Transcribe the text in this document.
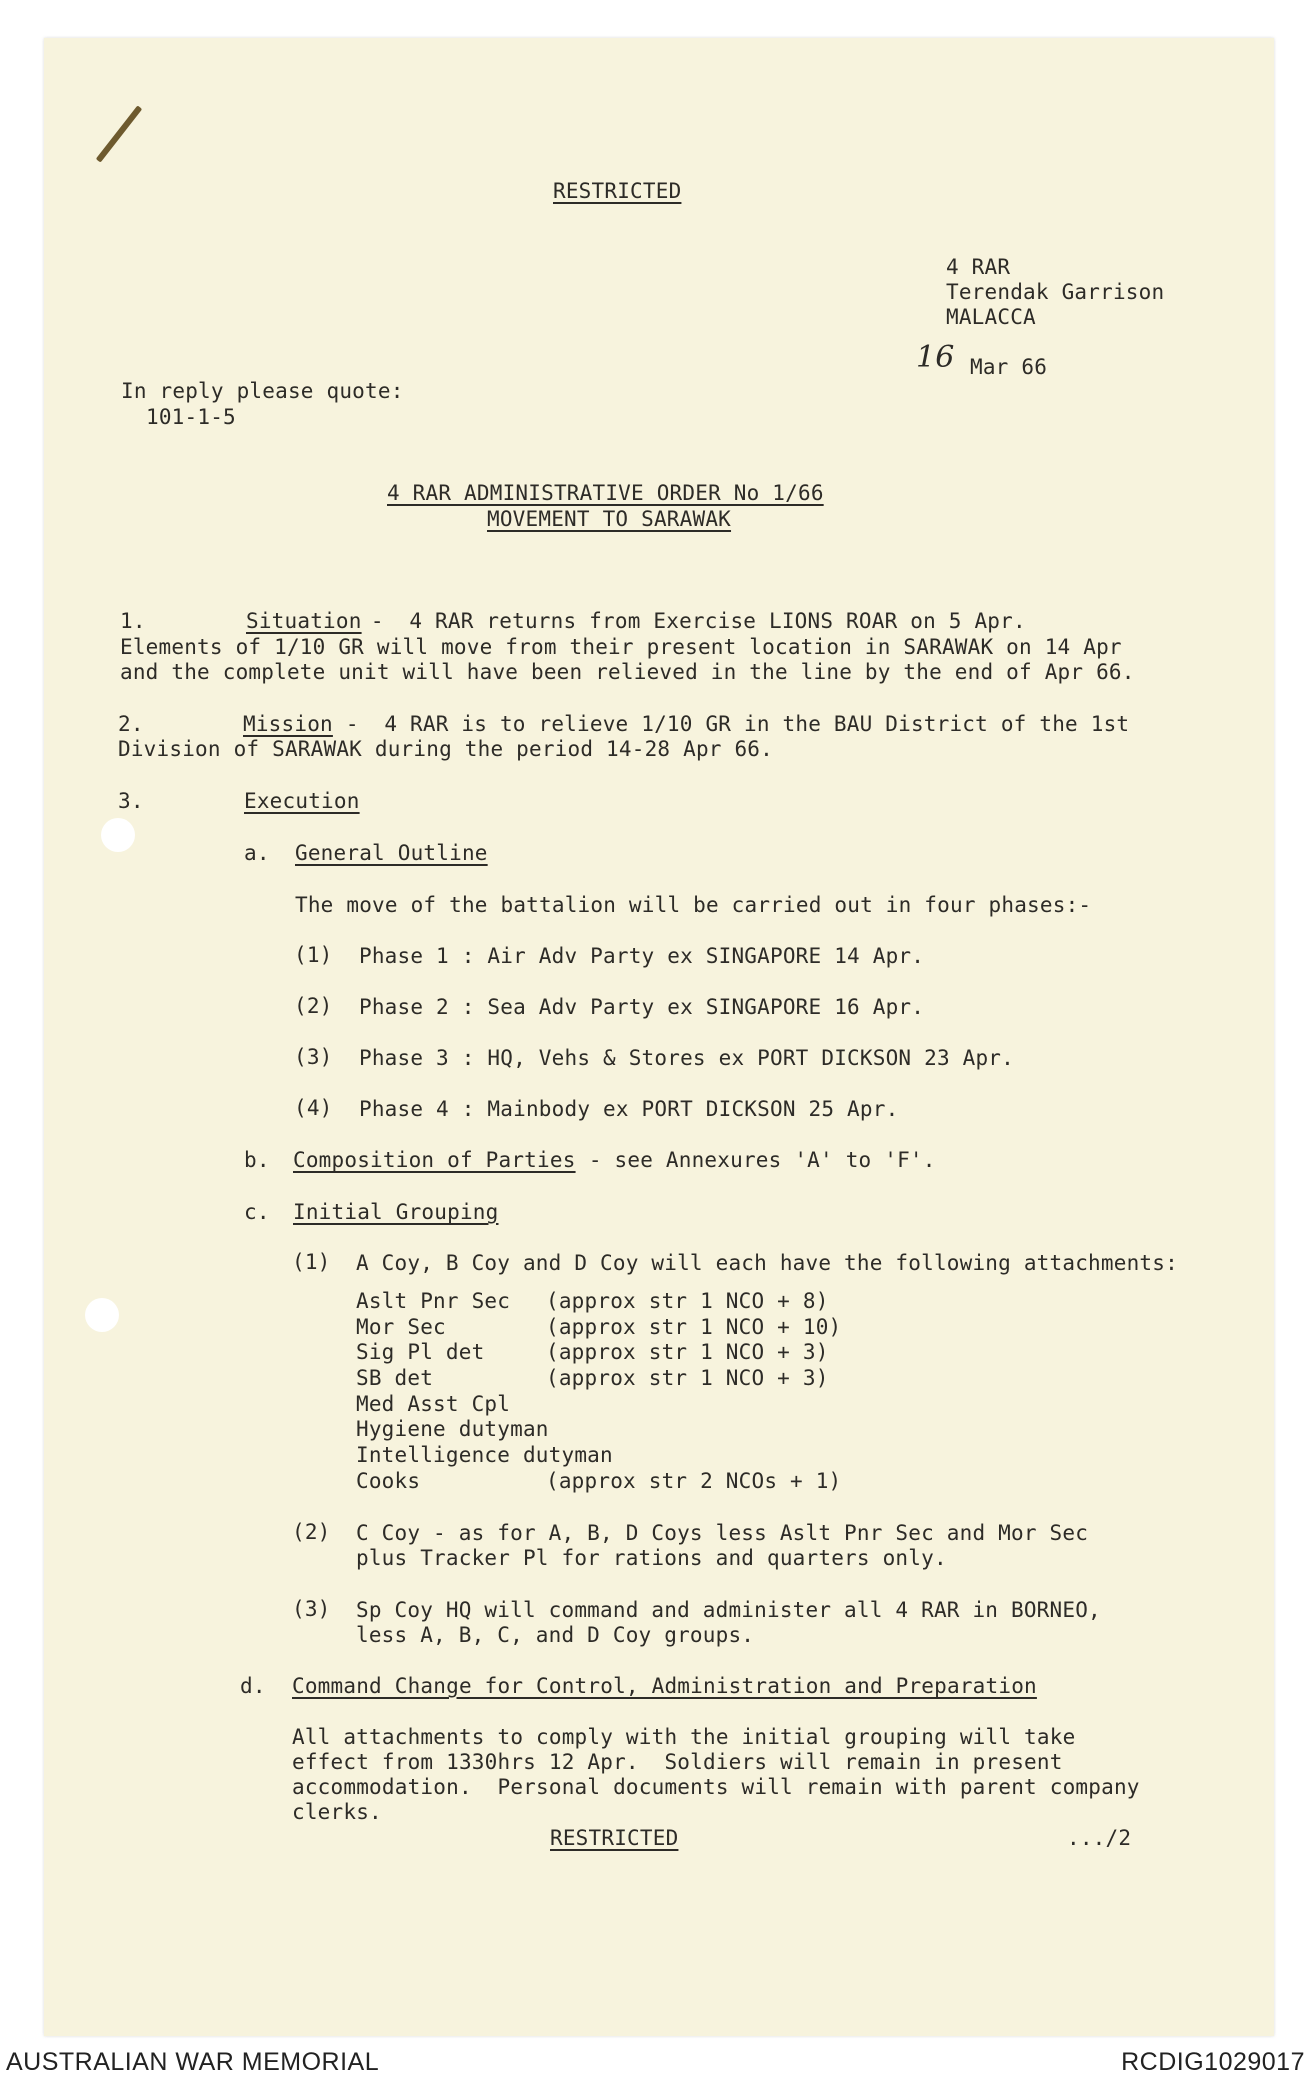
RESTRICTED
4 RAR
Terendak Garrison
MALACCA
16 Mar 66
In reply please quote:
101-1-5
4 RAR ADMINISTRATIVE ORDER No 1/66
MOVEMENT TO SARAWAK
1.	Situation
-  4 RAR returns from Exercise LIONS ROAR on 5 Apr.
Elements of 1/10 GR will move from their present location in SARAWAK on 14 Apr
and the complete unit will have been relieved in the line by the end of Apr 66.
2.	Mission -  4 RAR is to relieve 1/10 GR in the BAU District of the 1st
Division of SARAWAK during the period 14-28 Apr 66.
3.	Execution
a. General Outline
The move of the battalion will be carried out in four phases:-
(1) Phase 1 : Air Adv Party ex SINGAPORE 14 Apr.
(2) Phase 2 : Sea Adv Party ex SINGAPORE 16 Apr.
(3) Phase 3 : HQ, Vehs & Stores ex PORT DICKSON 23 Apr.
(4) Phase 4 : Mainbody ex PORT DICKSON 25 Apr.
b. Composition of Parties - see Annexures 'A' to 'F'.
c. Initial Grouping
(1) A Coy, B Coy and D Coy will each have the following attachments:
Aslt Pnr Sec (approx str 1 NCO + 8)
Mor Sec	(approx str 1 NCO + 10)
Sig Pl det	(approx str 1 NCO + 3)
SB det	(approx str 1 NCO + 3)
Med Asst Cpl
Hygiene dutyman
Intelligence dutyman
Cooks	(approx str 2 NCOs + 1)
(2) C Coy - as for A, B, D Coys less Aslt Pnr Sec and Mor Sec
plus Tracker Pl for rations and quarters only.
(3) Sp Coy HQ will command and administer all 4 RAR in BORNEO,
less A, B, C, and D Coy groups.
d. Command Change for Control, Administration and Preparation
All attachments to comply with the initial grouping will take
effect from 1330hrs 12 Apr.  Soldiers will remain in present
accommodation.  Personal documents will remain with parent company
clerks.
RESTRICTED	.../2
AUSTRALIAN WAR MEMORIAL	RCDIG1029017
